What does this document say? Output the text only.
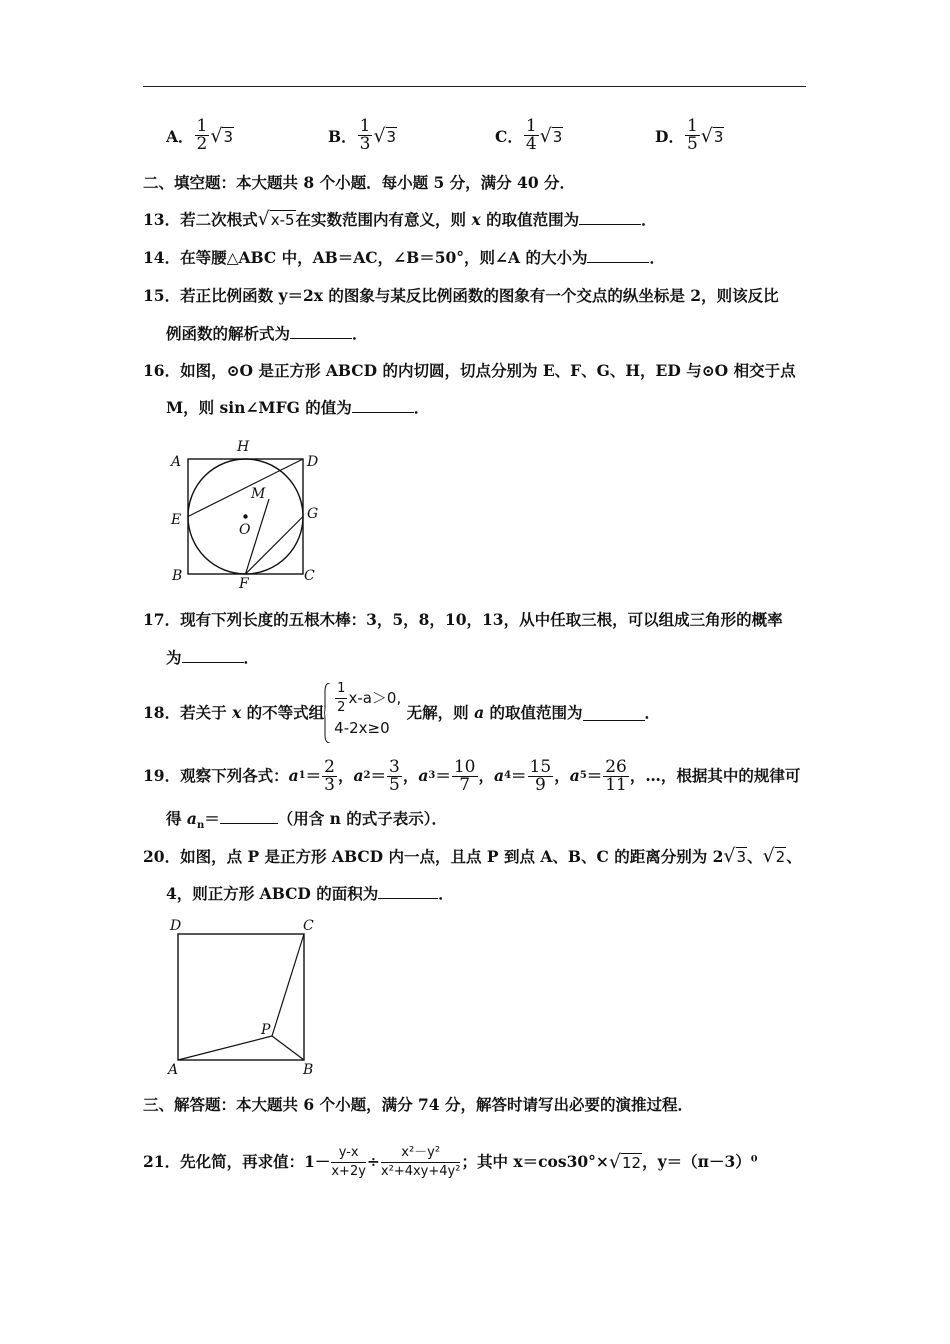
A． $\frac{1}{2} √3$	B． $\frac{1}{3} √3$	C． $\frac{1}{4} √3$	D． $\frac{1}{5} √3$
二、填空题：本大题共 8 个小题．每小题 5 分，满分 40 分．
13．若二次根式√x-5在实数范围内有意义，则 x 的取值范围为	．
14．在等腰△ABC 中，AB＝AC，∠B＝50°，则∠A 的大小为	．
15．若正比例函数 y＝2x 的图象与某反比例函数的图象有一个交点的纵坐标是 2，则该反比
例函数的解析式为	．
16．如图，⊙O 是正方形 ABCD 的内切圆，切点分别为 E、F、G、H，ED 与⊙O 相交于点
M，则 sin∠MFG 的值为	．
A	D
B	C
H
E	G
F
M
O
17．现有下列长度的五根木棒：3，5，8，10，13，从中任取三根，可以组成三角形的概率
为	．
18．若关于
x
的不等式组 $\frac{1}{2} x-a>0$,
4-2x≥0

无解，则
a
的取值范围为	．
19．观察下列各式： a $1 = \frac{2}{3}$ ， a $2 = \frac{3}{5}$ ， a $3 = \frac{10}{7}$ ， a $4 = \frac{15}{9}$ ， a $5 = \frac{26}{11}$ ，…，根据其中的规律可
得 $a_n=$	（用含 n 的式子表示）．
20．如图，点 P 是正方形 ABCD 内一点，且点 P 到点 A、B、C 的距离分别为 2√3、√2、
4，则正方形 ABCD 的面积为	．
D	C
A	B
P
三、解答题：本大题共 6 个小题，满分 74 分，解答时请写出必要的演推过程．
21．先化简，再求值：$1- \frac{y-x}{x+2y} \div \frac{\text{x²－y²}}{\text{x²+4xy+4y²}}$ ；其中 x＝cos30°× √12 ，y＝（π－3）⁰
